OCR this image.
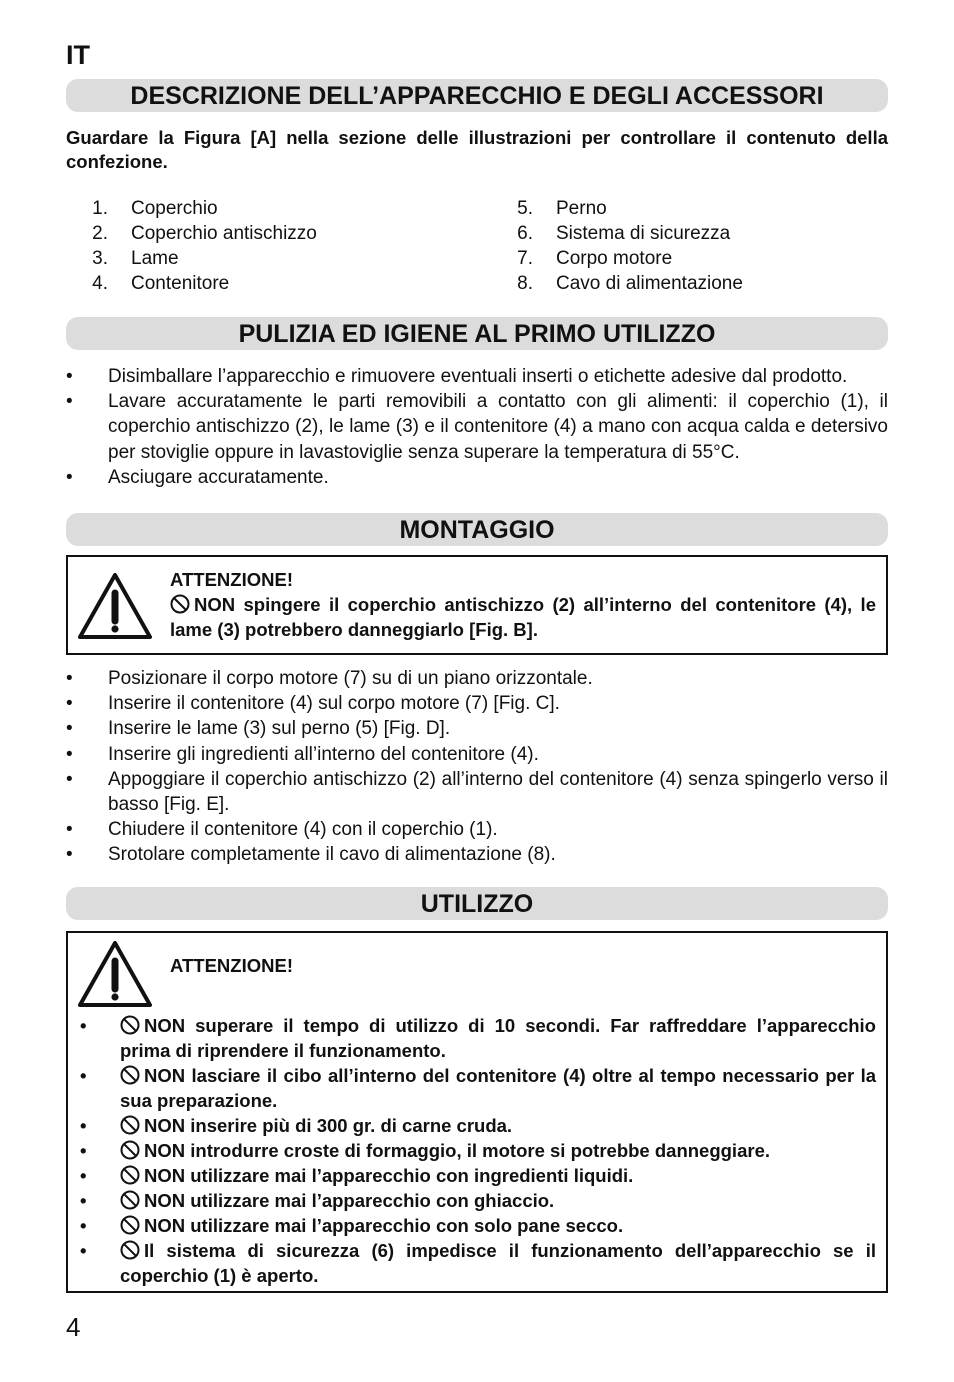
IT
DESCRIZIONE DELL’APPARECCHIO E DEGLI ACCESSORI
Guardare la Figura [A] nella sezione delle illustrazioni per controllare il contenuto della confezione.
1.	Coperchio
2.	Coperchio antischizzo
3.	Lame
4.	Contenitore
5.	Perno
6.	Sistema di sicurezza
7.	Corpo motore
8.	Cavo di alimentazione
PULIZIA ED IGIENE AL PRIMO UTILIZZO
• Disimballare l’apparecchio e rimuovere eventuali inserti o etichette adesive dal prodotto.
• Lavare accuratamente le parti removibili a contatto con gli alimenti: il coperchio (1), il coperchio antischizzo (2), le lame (3) e il contenitore (4) a mano con acqua calda e detersivo per stoviglie oppure in lavastoviglie senza superare la temperatura di 55°C.
• Asciugare accuratamente.
MONTAGGIO
ATTENZIONE!
NON spingere il coperchio antischizzo (2) all’interno del contenitore (4), le lame (3) potrebbero danneggiarlo [Fig. B].
• Posizionare il corpo motore (7) su di un piano orizzontale.
• Inserire il contenitore (4) sul corpo motore (7) [Fig. C].
• Inserire le lame (3) sul perno (5) [Fig. D].
• Inserire gli ingredienti all’interno del contenitore (4).
• Appoggiare il coperchio antischizzo (2) all’interno del contenitore (4) senza spingerlo verso il basso [Fig. E].
• Chiudere il contenitore (4) con il coperchio (1).
• Srotolare completamente il cavo di alimentazione (8).
UTILIZZO
ATTENZIONE!
• NON superare il tempo di utilizzo di 10 secondi. Far raffreddare l’apparecchio prima di riprendere il funzionamento.
• NON lasciare il cibo all’interno del contenitore (4) oltre al tempo necessario per la sua preparazione.
• NON inserire più di 300 gr. di carne cruda.
• NON introdurre croste di formaggio, il motore si potrebbe danneggiare.
• NON utilizzare mai l’apparecchio con ingredienti liquidi.
• NON utilizzare mai l’apparecchio con ghiaccio.
• NON utilizzare mai l’apparecchio con solo pane secco.
• Il sistema di sicurezza (6) impedisce il funzionamento dell’apparecchio se il coperchio (1) è aperto.
4
